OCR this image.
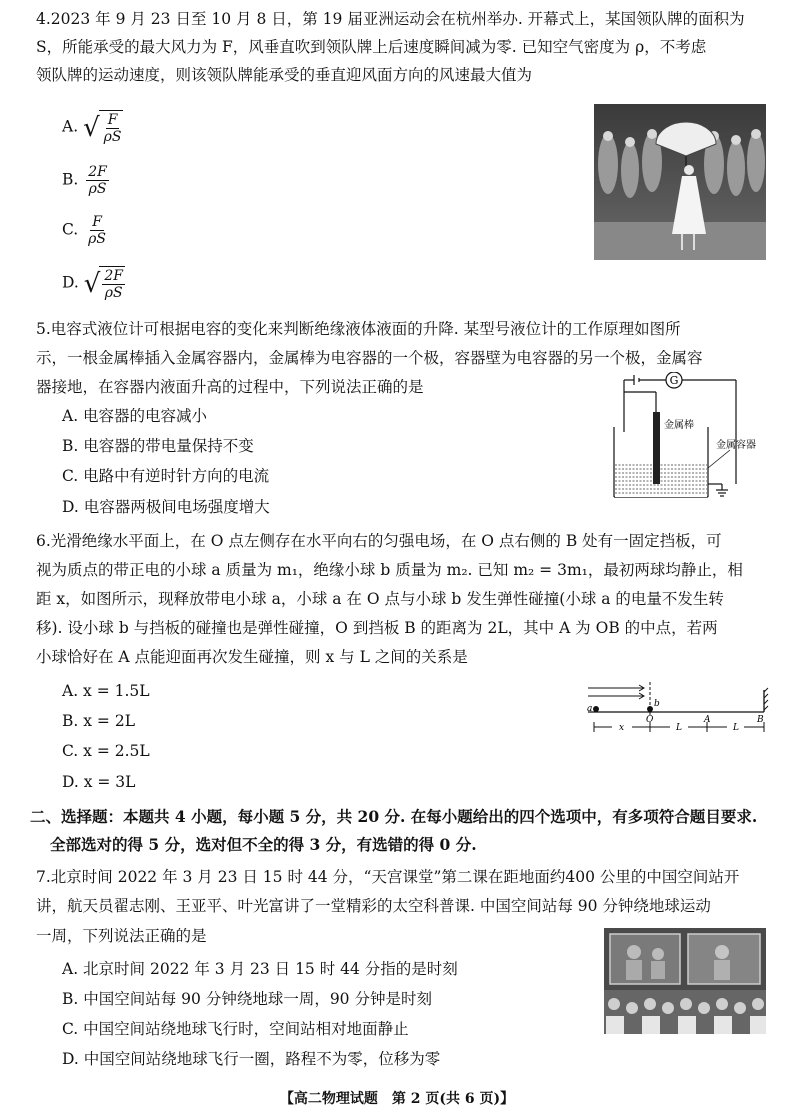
4.2023 年 9 月 23 日至 10 月 8 日，第 19 届亚洲运动会在杭州举办. 开幕式上，某国领队牌的面积为
S，所能承受的最大风力为 F，风垂直吹到领队牌上后速度瞬间减为零. 已知空气密度为 ρ，不考虑
领队牌的运动速度，则该领队牌能承受的垂直迎风面方向的风速最大值为
A. √ $\frac{F}{\rho S}$
B. $\frac{2F}{\rho S}$
C. $\frac{F}{\rho S}$
D. √ $\frac{2F}{\rho S}$
5.电容式液位计可根据电容的变化来判断绝缘液体液面的升降. 某型号液位计的工作原理如图所
示，一根金属棒插入金属容器内，金属棒为电容器的一个极，容器壁为电容器的另一个极，金属容
器接地，在容器内液面升高的过程中，下列说法正确的是
A. 电容器的电容减小
B. 电容器的带电量保持不变
C. 电路中有逆时针方向的电流
D. 电容器两极间电场强度增大
G
金属棒
金属容器
6.光滑绝缘水平面上，在 O 点左侧存在水平向右的匀强电场，在 O 点右侧的 B 处有一固定挡板，可
视为质点的带正电的小球 a 质量为 m₁，绝缘小球 b 质量为 m₂. 已知 m₂ = 3m₁，最初两球均静止，相
距 x，如图所示，现释放带电小球 a，小球 a 在 O 点与小球 b 发生弹性碰撞(小球 a 的电量不发生转
移). 设小球 b 与挡板的碰撞也是弹性碰撞，O 到挡板 B 的距离为 2L，其中 A 为 OB 的中点，若两
小球恰好在 A 点能迎面再次发生碰撞，则 x 与 L 之间的关系是
A. x = 1.5L
B. x = 2L
C. x = 2.5L
D. x = 3L
a	b
O	A	B
x	L	L
二、选择题：本题共 4 小题，每小题 5 分，共 20 分. 在每小题给出的四个选项中，有多项符合题目要求.
全部选对的得 5 分，选对但不全的得 3 分，有选错的得 0 分.
7.北京时间 2022 年 3 月 23 日 15 时 44 分，“天宫课堂”第二课在距地面约400 公里的中国空间站开
讲，航天员翟志刚、王亚平、叶光富讲了一堂精彩的太空科普课. 中国空间站每 90 分钟绕地球运动
一周，下列说法正确的是
A. 北京时间 2022 年 3 月 23 日 15 时 44 分指的是时刻
B. 中国空间站每 90 分钟绕地球一周，90 分钟是时刻
C. 中国空间站绕地球飞行时，空间站相对地面静止
D. 中国空间站绕地球飞行一圈，路程不为零，位移为零
【高二物理试题　第 2 页(共 6 页)】
